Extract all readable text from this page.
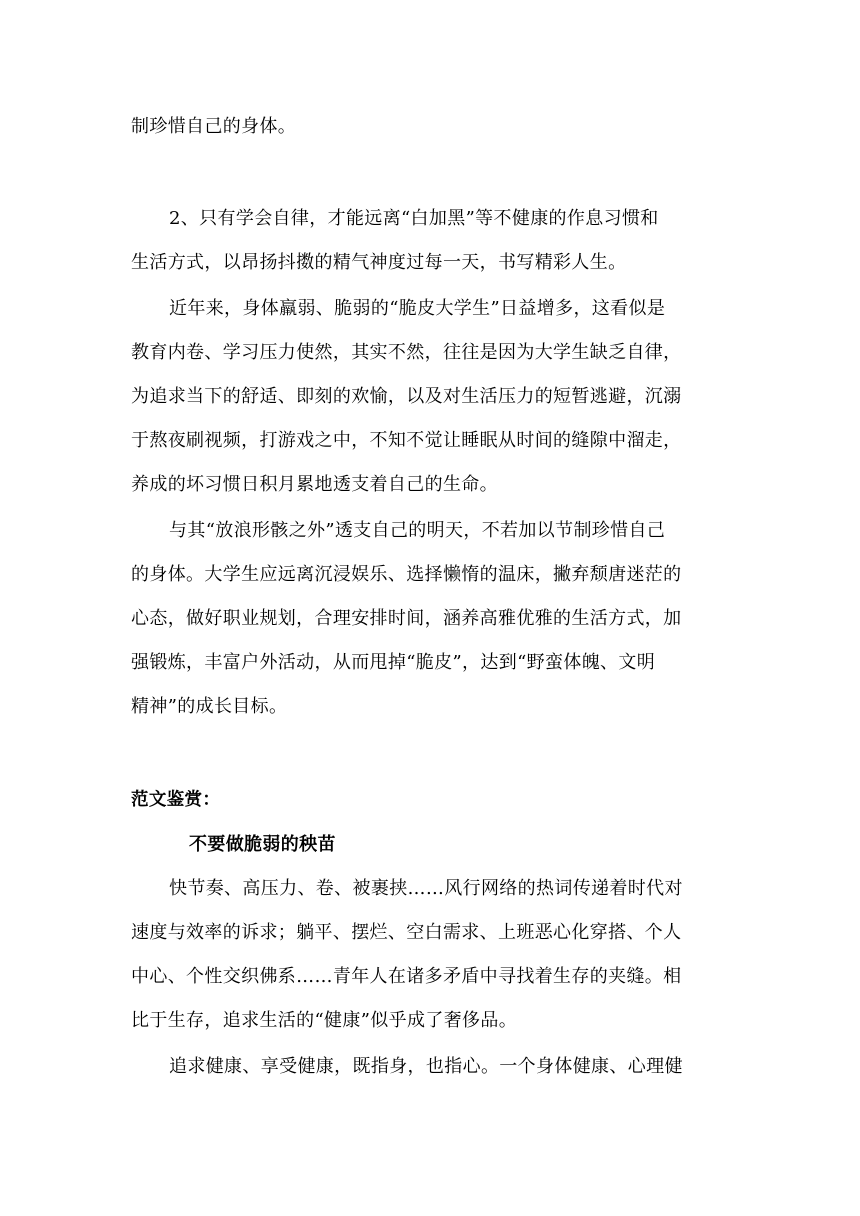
制珍惜自己的身体。
2、只有学会自律，才能远离“白加黑”等不健康的作息习惯和
生活方式，以昂扬抖擞的精气神度过每一天，书写精彩人生。
近年来，身体羸弱、脆弱的“脆皮大学生”日益增多，这看似是
教育内卷、学习压力使然，其实不然，往往是因为大学生缺乏自律，
为追求当下的舒适、即刻的欢愉，以及对生活压力的短暂逃避，沉溺
于熬夜刷视频，打游戏之中，不知不觉让睡眠从时间的缝隙中溜走，
养成的坏习惯日积月累地透支着自己的生命。
与其“放浪形骸之外”透支自己的明天，不若加以节制珍惜自己
的身体。大学生应远离沉浸娱乐、选择懒惰的温床，撇弃颓唐迷茫的
心态，做好职业规划，合理安排时间，涵养高雅优雅的生活方式，加
强锻炼，丰富户外活动，从而甩掉“脆皮”，达到“野蛮体魄、文明
精神”的成长目标。
范文鉴赏：
不要做脆弱的秧苗
快节奏、高压力、卷、被裹挟……风行网络的热词传递着时代对
速度与效率的诉求；躺平、摆烂、空白需求、上班恶心化穿搭、个人
中心、个性交织佛系……青年人在诸多矛盾中寻找着生存的夹缝。相
比于生存，追求生活的“健康”似乎成了奢侈品。
追求健康、享受健康，既指身，也指心。一个身体健康、心理健
